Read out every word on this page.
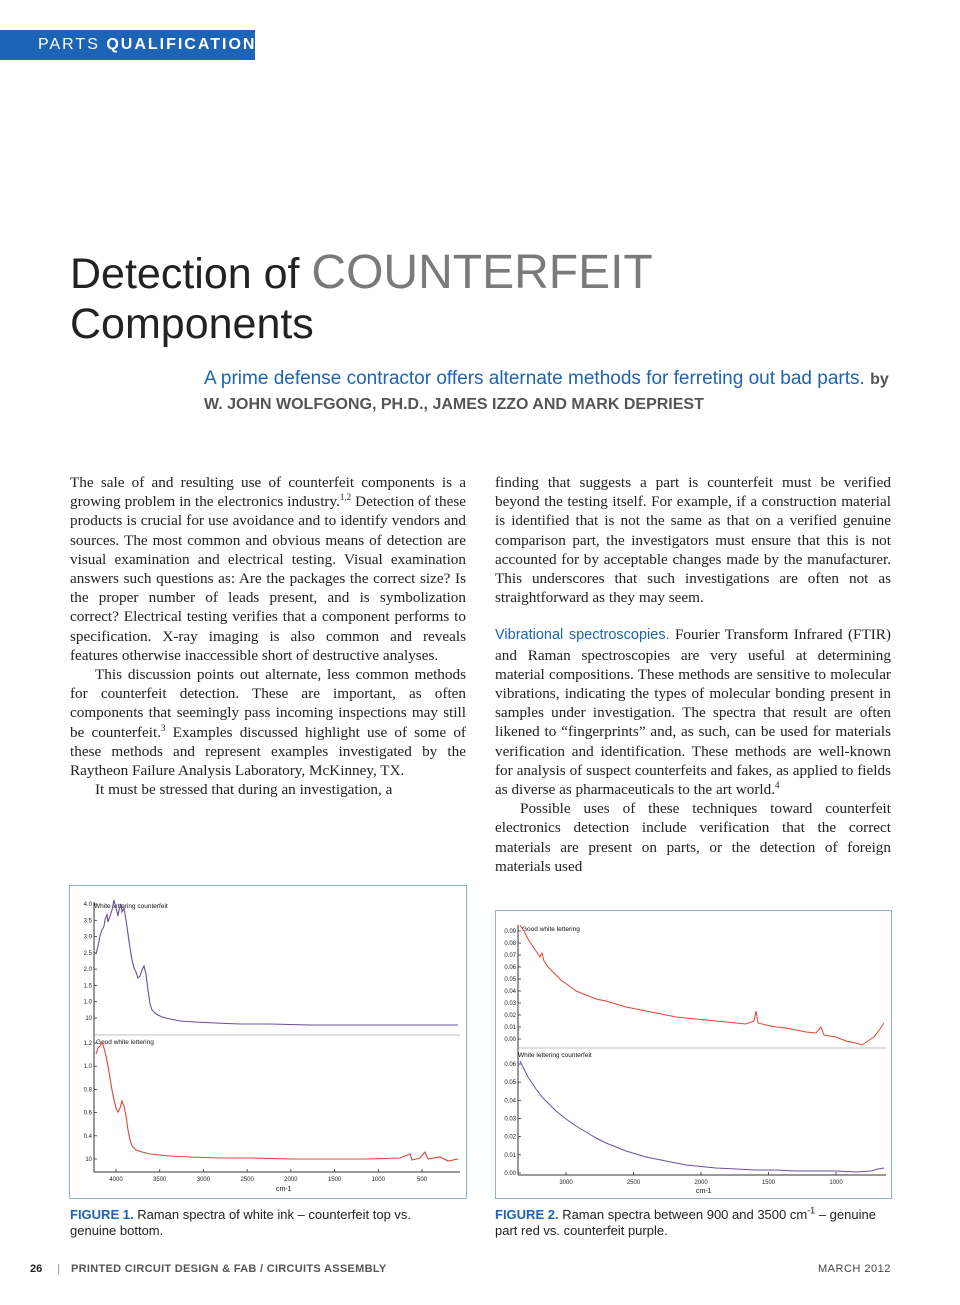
PARTS QUALIFICATION
Detection of COUNTERFEIT
Components
A prime defense contractor offers alternate methods for ferreting out bad parts. by W. JOHN WOLFGONG, PH.D., JAMES IZZO AND MARK DEPRIEST

The sale of and resulting use of counterfeit components is a growing problem in the electronics industry.$^{1,2}$ Detection of these products is crucial for use avoidance and to identify vendors and sources. The most common and obvious means of detection are visual examination and electrical testing. Visual examination answers such questions as: Are the packages the correct size? Is the proper number of leads present, and is symbolization correct? Electrical testing verifies that a component performs to specification. X-ray imaging is also common and reveals features otherwise inaccessible short of destructive analyses.

This discussion points out alternate, less common methods for counterfeit detection. These are important, as often components that seemingly pass incoming inspections may still be counterfeit.$^3$ Examples discussed highlight use of some of these methods and represent examples investigated by the Raytheon Failure Analysis Laboratory, McKinney, TX.

It must be stressed that during an investigation, a

finding that suggests a part is counterfeit must be verified beyond the testing itself. For example, if a construction material is identified that is not the same as that on a verified genuine comparison part, the investigators must ensure that this is not accounted for by acceptable changes made by the manufacturer. This underscores that such investigations are often not as straightforward as they may seem.

Vibrational spectroscopies. Fourier Transform Infrared (FTIR) and Raman spectroscopies are very useful at determining material compositions. These methods are sensitive to molecular vibrations, indicating the types of molecular bonding present in samples under investigation. The spectra that result are often likened to “fingerprints” and, as such, can be used for materials verification and identification. These methods are well-known for analysis of suspect counterfeits and fakes, as applied to fields as diverse as pharmaceuticals to the art world.$^4$

Possible uses of these techniques toward counterfeit electronics detection include verification that the correct materials are present on parts, or the detection of foreign materials used

4.0
3.5
3.0
2.5
2.0
1.5
1.0
10
1.2
1.0
0.8
0.6
0.4
10
4000	3500	3000	2500	2000	1500	1000	500
White lettering counterfeit
Good white lettering
cm-1
0.09
0.08
0.07
0.06
0.05
0.04
0.03
0.02
0.01
0.00
0.06
0.05
0.04
0.03
0.02
0.01
0.00
3000	2500	2000	1500	1000
Good white lettering
White lettering counterfeit
cm-1
FIGURE 1. Raman spectra of white ink – counterfeit top vs. genuine bottom.
FIGURE 2. Raman spectra between 900 and 3500 $cm^{-1}$ – genuine part red vs. counterfeit purple.
26 | PRINTED CIRCUIT DESIGN & FAB / CIRCUITS ASSEMBLY	MARCH 2012
